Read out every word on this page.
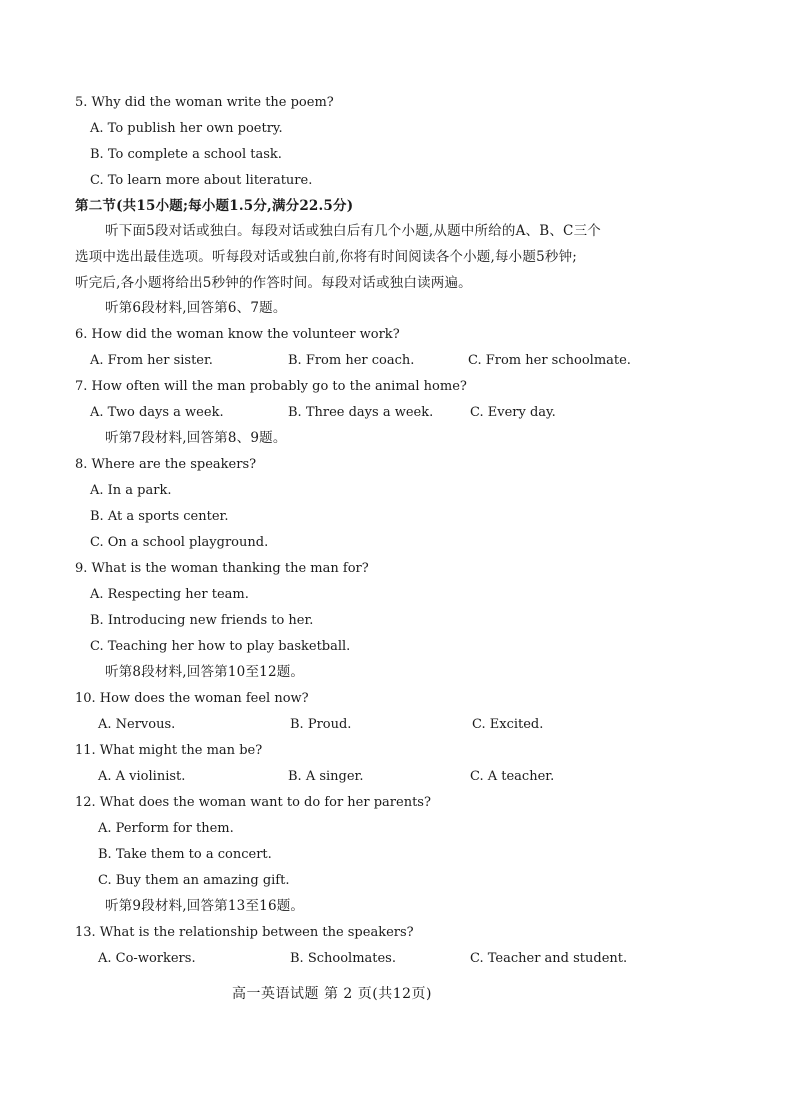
5. Why did the woman write the poem?
A. To publish her own poetry.
B. To complete a school task.
C. To learn more about literature.
第二节(共15小题;每小题1.5分,满分22.5分)
听下面5段对话或独白。每段对话或独白后有几个小题,从题中所给的A、B、C三个
选项中选出最佳选项。听每段对话或独白前,你将有时间阅读各个小题,每小题5秒钟;
听完后,各小题将给出5秒钟的作答时间。每段对话或独白读两遍。
听第6段材料,回答第6、7题。
6. How did the woman know the volunteer work?
A. From her sister.	B. From her coach.	C. From her schoolmate.
7. How often will the man probably go to the animal home?
A. Two days a week.	B. Three days a week.	C. Every day.
听第7段材料,回答第8、9题。
8. Where are the speakers?
A. In a park.
B. At a sports center.
C. On a school playground.
9. What is the woman thanking the man for?
A. Respecting her team.
B. Introducing new friends to her.
C. Teaching her how to play basketball.
听第8段材料,回答第10至12题。
10. How does the woman feel now?
A. Nervous.	B. Proud.	C. Excited.
11. What might the man be?
A. A violinist.	B. A singer.	C. A teacher.
12. What does the woman want to do for her parents?
A. Perform for them.
B. Take them to a concert.
C. Buy them an amazing gift.
听第9段材料,回答第13至16题。
13. What is the relationship between the speakers?
A. Co-workers.	B. Schoolmates.	C. Teacher and student.
高一英语试题 第 2 页(共12页)
